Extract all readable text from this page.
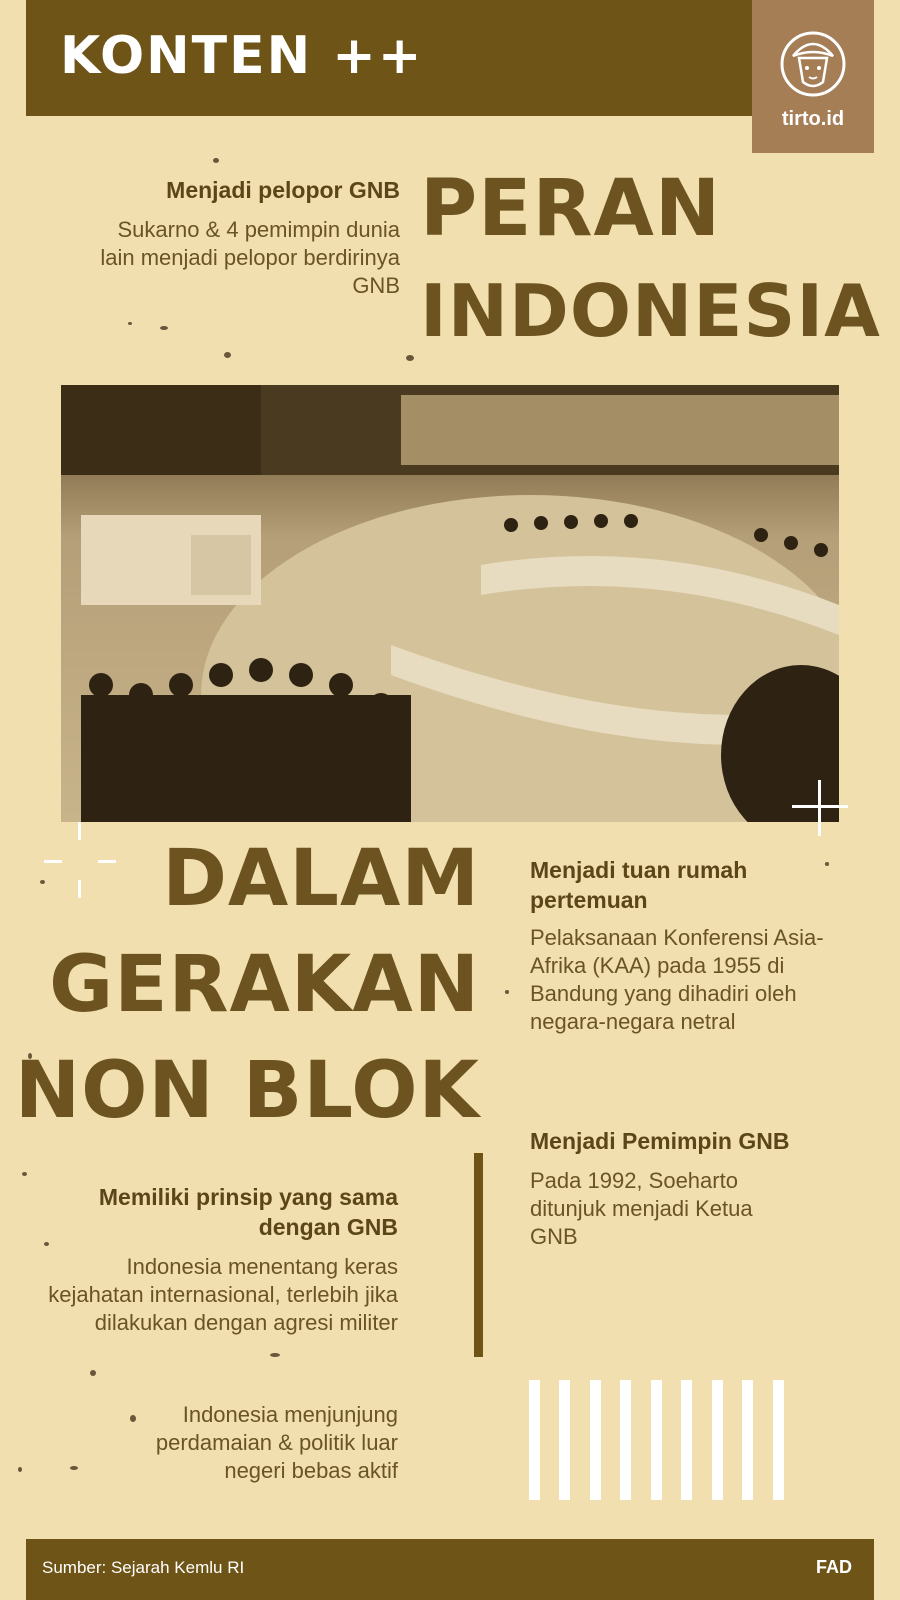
KONTEN ++
tirto.id
Menjadi pelopor GNB
Sukarno & 4 pemimpin dunia lain menjadi pelopor berdirinya GNB
PERAN
INDONESIA
DALAM
GERAKAN
NON BLOK
Menjadi tuan rumah pertemuan
Pelaksanaan Konferensi Asia-Afrika (KAA) pada 1955 di Bandung yang dihadiri oleh negara-negara netral
Menjadi Pemimpin GNB
Pada 1992, Soeharto ditunjuk menjadi Ketua GNB
Memiliki prinsip yang sama dengan GNB
Indonesia menentang keras kejahatan internasional, terlebih jika dilakukan dengan agresi militer
Indonesia menjunjung perdamaian & politik luar negeri bebas aktif
Sumber: Sejarah Kemlu RI	FAD
